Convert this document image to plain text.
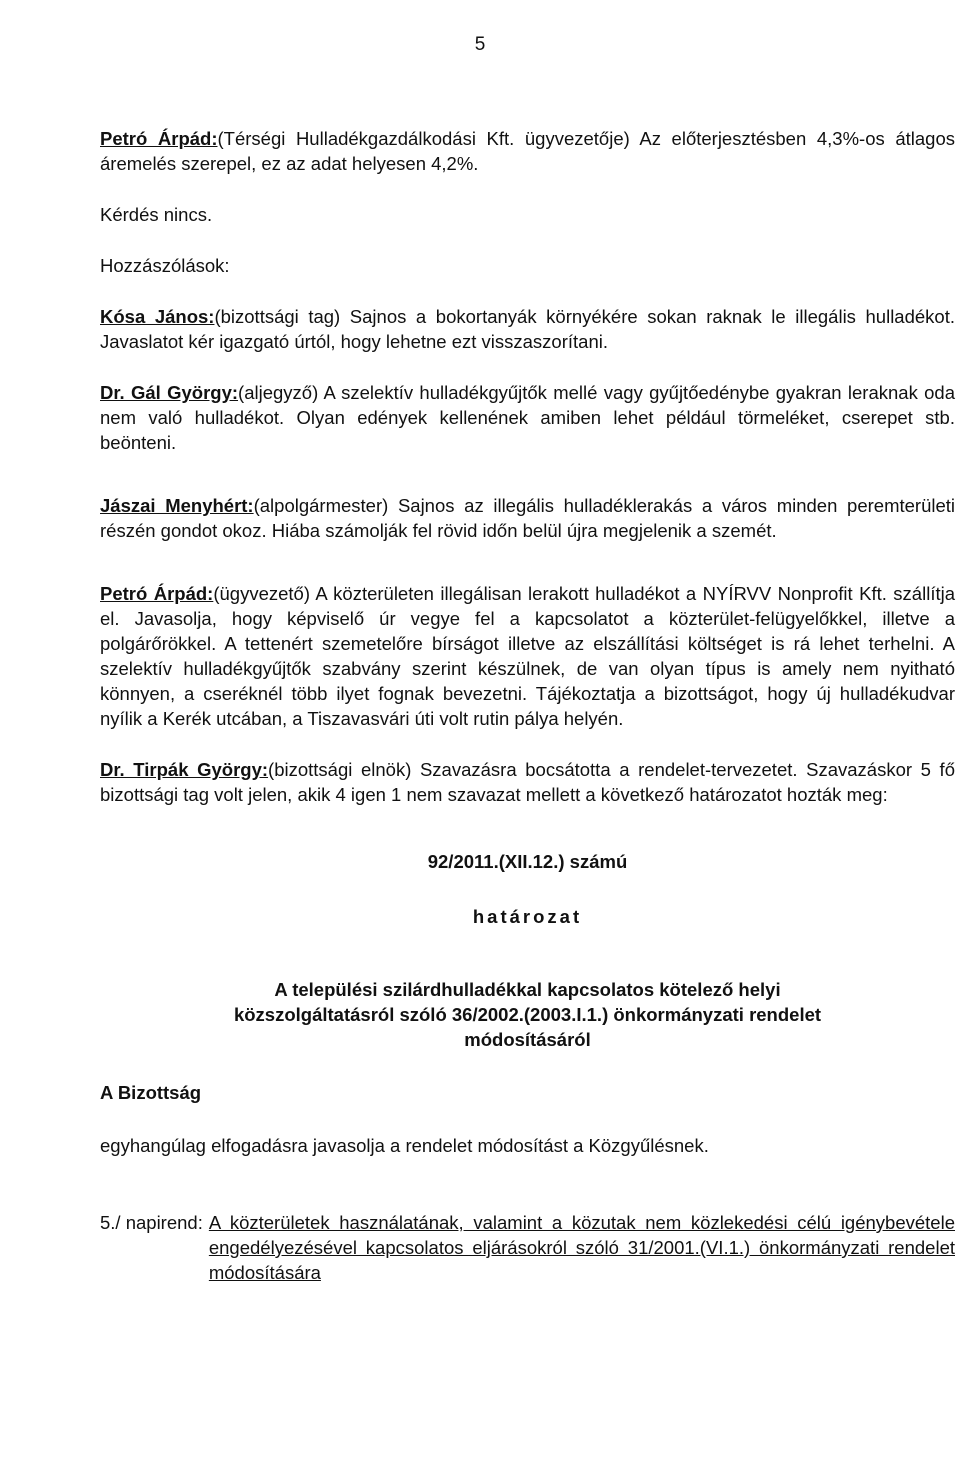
5

Petró Árpád:(Térségi Hulladékgazdálkodási Kft. ügyvezetője) Az előterjesztésben 4,3%-os átlagos áremelés szerepel, ez az adat helyesen 4,2%.

Kérdés nincs.

Hozzászólások:

Kósa János:(bizottsági tag) Sajnos a bokortanyák környékére sokan raknak le illegális hulladékot. Javaslatot kér igazgató úrtól, hogy lehetne ezt visszaszorítani.

Dr. Gál György:(aljegyző) A szelektív hulladékgyűjtők mellé vagy gyűjtőedénybe gyakran leraknak oda nem való hulladékot. Olyan edények kellenének amiben lehet például törmeléket, cserepet stb. beönteni.

Jászai Menyhért:(alpolgármester) Sajnos az illegális hulladéklerakás a város minden peremterületi részén gondot okoz. Hiába számolják fel rövid időn belül újra megjelenik a szemét.

Petró Árpád:(ügyvezető) A közterületen illegálisan lerakott hulladékot a NYÍRVV Nonprofit Kft. szállítja el. Javasolja, hogy képviselő úr vegye fel a kapcsolatot a közterület-felügyelőkkel, illetve a polgárőrökkel. A tettenért szemetelőre bírságot illetve az elszállítási költséget is rá lehet terhelni. A szelektív hulladékgyűjtők szabvány szerint készülnek, de van olyan típus is amely nem nyitható könnyen, a cseréknél több ilyet fognak bevezetni. Tájékoztatja a bizottságot, hogy új hulladékudvar nyílik a Kerék utcában, a Tiszavasvári úti volt rutin pálya helyén.

Dr. Tirpák György:(bizottsági elnök) Szavazásra bocsátotta a rendelet-tervezetet. Szavazáskor 5 fő bizottsági tag volt jelen, akik 4 igen 1 nem szavazat mellett a következő határozatot hozták meg:

92/2011.(XII.12.) számú

határozat

A települési szilárdhulladékkal kapcsolatos kötelező helyi
közszolgáltatásról szóló 36/2002.(2003.I.1.) önkormányzati rendelet
módosításáról

A Bizottság

egyhangúlag elfogadásra javasolja a rendelet módosítást a Közgyűlésnek.

5./ napirend: A közterületek használatának, valamint a közutak nem közlekedési célú igénybevétele engedélyezésével kapcsolatos eljárásokról szóló 31/2001.(VI.1.) önkormányzati rendelet módosítására
